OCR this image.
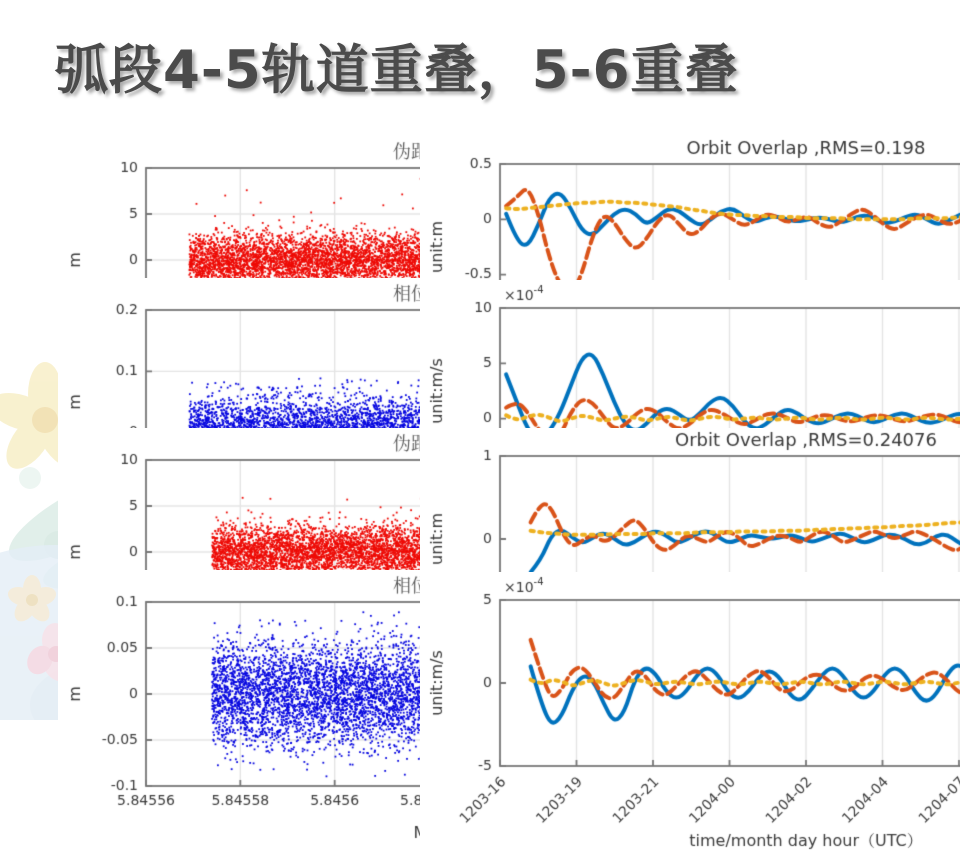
弧段4-5轨道重叠，5-6重叠
